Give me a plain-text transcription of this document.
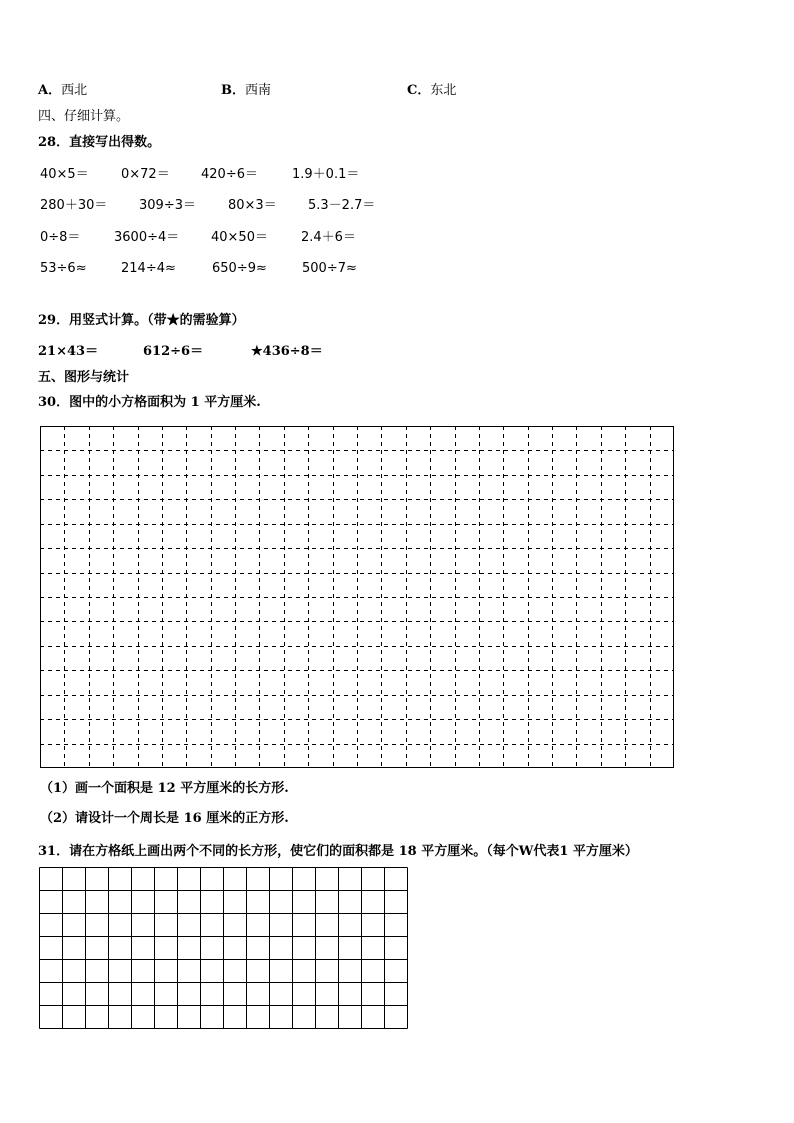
A．西北	B．西南	C．东北
四、仔细计算。
28．直接写出得数。
40×5＝ 0×72＝ 420÷6＝	1.9＋0.1＝
280＋30＝ 309÷3＝ 80×3＝ 5.3－2.7＝
0÷8＝	3600÷4＝ 40×50＝	2.4＋6＝
53÷6≈	214÷4≈	650÷9≈	500÷7≈
29．用竖式计算。（带★的需验算）
21×43＝	612÷6＝	★436÷8＝
五、图形与统计
30．图中的小方格面积为 1 平方厘米.
（1）画一个面积是 12 平方厘米的长方形.
（2）请设计一个周长是 16 厘米的正方形.
31．请在方格纸上画出两个不同的长方形，使它们的面积都是 18 平方厘米。（每个W代表1 平方厘米）
